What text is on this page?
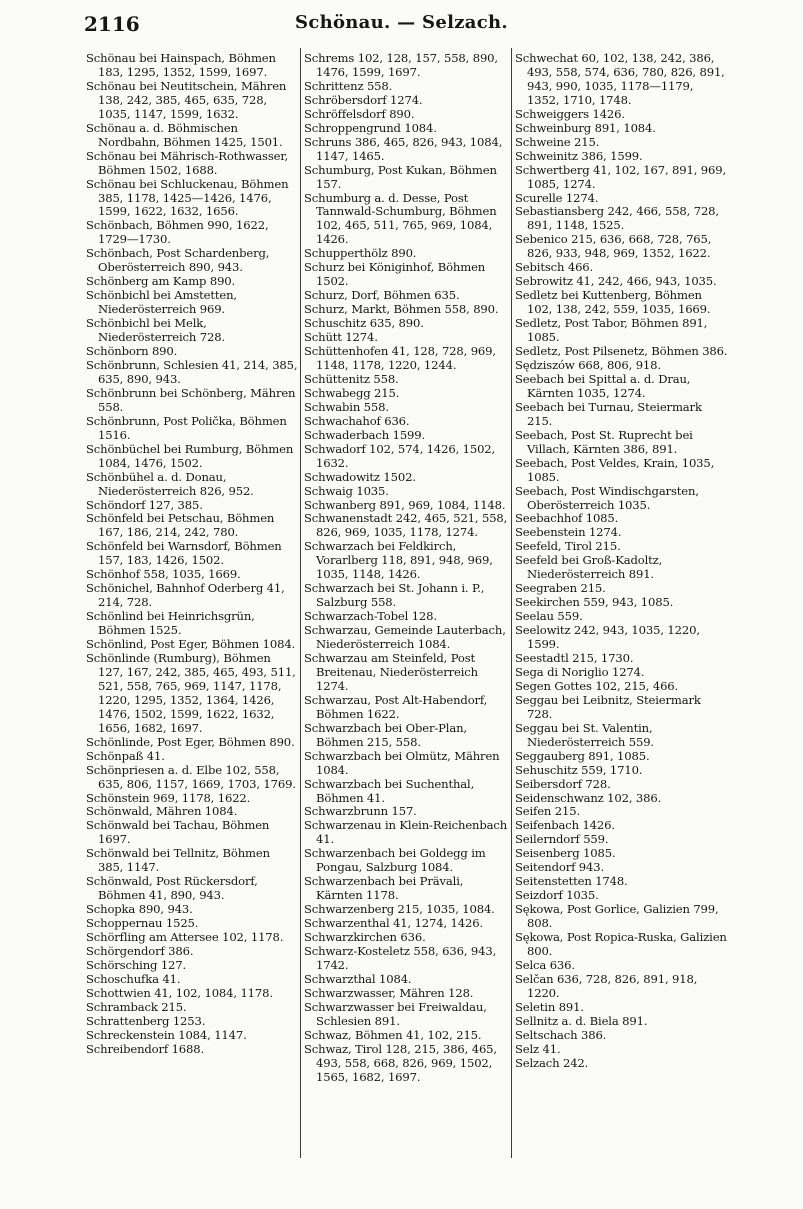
2116	Schönau. — Selzach.

Schönau bei Hainspach, Böhmen 183, 1295, 1352, 1599, 1697.

Schönau bei Neutitschein, Mähren 138, 242, 385, 465, 635, 728, 1035, 1147, 1599, 1632.

Schönau a. d. Böhmischen Nordbahn, Böhmen 1425, 1501.

Schönau bei Mährisch-Rothwasser, Böhmen 1502, 1688.

Schönau bei Schluckenau, Böhmen 385, 1178, 1425—1426, 1476, 1599, 1622, 1632, 1656.

Schönbach, Böhmen 990, 1622, 1729—1730.

Schönbach, Post Schardenberg, Oberösterreich 890, 943.

Schönberg am Kamp 890.

Schönbichl bei Amstetten, Niederösterreich 969.

Schönbichl bei Melk, Niederösterreich 728.

Schönborn 890.

Schönbrunn, Schlesien 41, 214, 385, 635, 890, 943.

Schönbrunn bei Schönberg, Mähren 558.

Schönbrunn, Post Polička, Böhmen 1516.

Schönbüchel bei Rumburg, Böhmen 1084, 1476, 1502.

Schönbühel a. d. Donau, Niederösterreich 826, 952.

Schöndorf 127, 385.

Schönfeld bei Petschau, Böhmen 167, 186, 214, 242, 780.

Schönfeld bei Warnsdorf, Böhmen 157, 183, 1426, 1502.

Schönhof 558, 1035, 1669.

Schönichel, Bahnhof Oderberg 41, 214, 728.

Schönlind bei Heinrichsgrün, Böhmen 1525.

Schönlind, Post Eger, Böhmen 1084.

Schönlinde (Rumburg), Böhmen 127, 167, 242, 385, 465, 493, 511, 521, 558, 765, 969, 1147, 1178, 1220, 1295, 1352, 1364, 1426, 1476, 1502, 1599, 1622, 1632, 1656, 1682, 1697.

Schönlinde, Post Eger, Böhmen 890.

Schönpaß 41.

Schönpriesen a. d. Elbe 102, 558, 635, 806, 1157, 1669, 1703, 1769.

Schönstein 969, 1178, 1622.

Schönwald, Mähren 1084.

Schönwald bei Tachau, Böhmen 1697.

Schönwald bei Tellnitz, Böhmen 385, 1147.

Schönwald, Post Rückersdorf, Böhmen 41, 890, 943.

Schopka 890, 943.

Schoppernau 1525.

Schörfling am Attersee 102, 1178.

Schörgendorf 386.

Schörsching 127.

Schoschufka 41.

Schottwien 41, 102, 1084, 1178.

Schramback 215.

Schrattenberg 1253.

Schreckenstein 1084, 1147.

Schreibendorf 1688.

Schrems 102, 128, 157, 558, 890, 1476, 1599, 1697.

Schrittenz 558.

Schröbersdorf 1274.

Schröffelsdorf 890.

Schroppengrund 1084.

Schruns 386, 465, 826, 943, 1084, 1147, 1465.

Schumburg, Post Kukan, Böhmen 157.

Schumburg a. d. Desse, Post Tannwald-Schumburg, Böhmen 102, 465, 511, 765, 969, 1084, 1426.

Schupperthölz 890.

Schurz bei Königinhof, Böhmen 1502.

Schurz, Dorf, Böhmen 635.

Schurz, Markt, Böhmen 558, 890.

Schuschitz 635, 890.

Schütt 1274.

Schüttenhofen 41, 128, 728, 969, 1148, 1178, 1220, 1244.

Schüttenitz 558.

Schwabegg 215.

Schwabin 558.

Schwachahof 636.

Schwaderbach 1599.

Schwadorf 102, 574, 1426, 1502, 1632.

Schwadowitz 1502.

Schwaig 1035.

Schwanberg 891, 969, 1084, 1148.

Schwanenstadt 242, 465, 521, 558, 826, 969, 1035, 1178, 1274.

Schwarzach bei Feldkirch, Vorarlberg 118, 891, 948, 969, 1035, 1148, 1426.

Schwarzach bei St. Johann i. P., Salzburg 558.

Schwarzach-Tobel 128.

Schwarzau, Gemeinde Lauterbach, Niederösterreich 1084.

Schwarzau am Steinfeld, Post Breitenau, Niederösterreich 1274.

Schwarzau, Post Alt-Habendorf, Böhmen 1622.

Schwarzbach bei Ober-Plan, Böhmen 215, 558.

Schwarzbach bei Olmütz, Mähren 1084.

Schwarzbach bei Suchenthal, Böhmen 41.

Schwarzbrunn 157.

Schwarzenau in Klein-Reichenbach 41.

Schwarzenbach bei Goldegg im Pongau, Salzburg 1084.

Schwarzenbach bei Prävali, Kärnten 1178.

Schwarzenberg 215, 1035, 1084.

Schwarzenthal 41, 1274, 1426.

Schwarzkirchen 636.

Schwarz-Kosteletz 558, 636, 943, 1742.

Schwarzthal 1084.

Schwarzwasser, Mähren 128.

Schwarzwasser bei Freiwaldau, Schlesien 891.

Schwaz, Böhmen 41, 102, 215.

Schwaz, Tirol 128, 215, 386, 465, 493, 558, 668, 826, 969, 1502, 1565, 1682, 1697.

Schwechat 60, 102, 138, 242, 386, 493, 558, 574, 636, 780, 826, 891, 943, 990, 1035, 1178—1179, 1352, 1710, 1748.

Schweiggers 1426.

Schweinburg 891, 1084.

Schweine 215.

Schweinitz 386, 1599.

Schwertberg 41, 102, 167, 891, 969, 1085, 1274.

Scurelle 1274.

Sebastiansberg 242, 466, 558, 728, 891, 1148, 1525.

Sebenico 215, 636, 668, 728, 765, 826, 933, 948, 969, 1352, 1622.

Sebitsch 466.

Sebrowitz 41, 242, 466, 943, 1035.

Sedletz bei Kuttenberg, Böhmen 102, 138, 242, 559, 1035, 1669.

Sedletz, Post Tabor, Böhmen 891, 1085.

Sedletz, Post Pilsenetz, Böhmen 386.

Sędziszów 668, 806, 918.

Seebach bei Spittal a. d. Drau, Kärnten 1035, 1274.

Seebach bei Turnau, Steiermark 215.

Seebach, Post St. Ruprecht bei Villach, Kärnten 386, 891.

Seebach, Post Veldes, Krain, 1035, 1085.

Seebach, Post Windischgarsten, Oberösterreich 1035.

Seebachhof 1085.

Seebenstein 1274.

Seefeld, Tirol 215.

Seefeld bei Groß-Kadoltz, Niederösterreich 891.

Seegraben 215.

Seekirchen 559, 943, 1085.

Seelau 559.

Seelowitz 242, 943, 1035, 1220, 1599.

Seestadtl 215, 1730.

Sega di Noriglio 1274.

Segen Gottes 102, 215, 466.

Seggau bei Leibnitz, Steiermark 728.

Seggau bei St. Valentin, Niederösterreich 559.

Seggauberg 891, 1085.

Sehuschitz 559, 1710.

Seibersdorf 728.

Seidenschwanz 102, 386.

Seifen 215.

Seifenbach 1426.

Seilerndorf 559.

Seisenberg 1085.

Seitendorf 943.

Seitenstetten 1748.

Seizdorf 1035.

Sękowa, Post Gorlice, Galizien 799, 808.

Sękowa, Post Ropica-Ruska, Galizien 800.

Selca 636.

Selčan 636, 728, 826, 891, 918, 1220.

Seletin 891.

Sellnitz a. d. Biela 891.

Seltschach 386.

Selz 41.

Selzach 242.
